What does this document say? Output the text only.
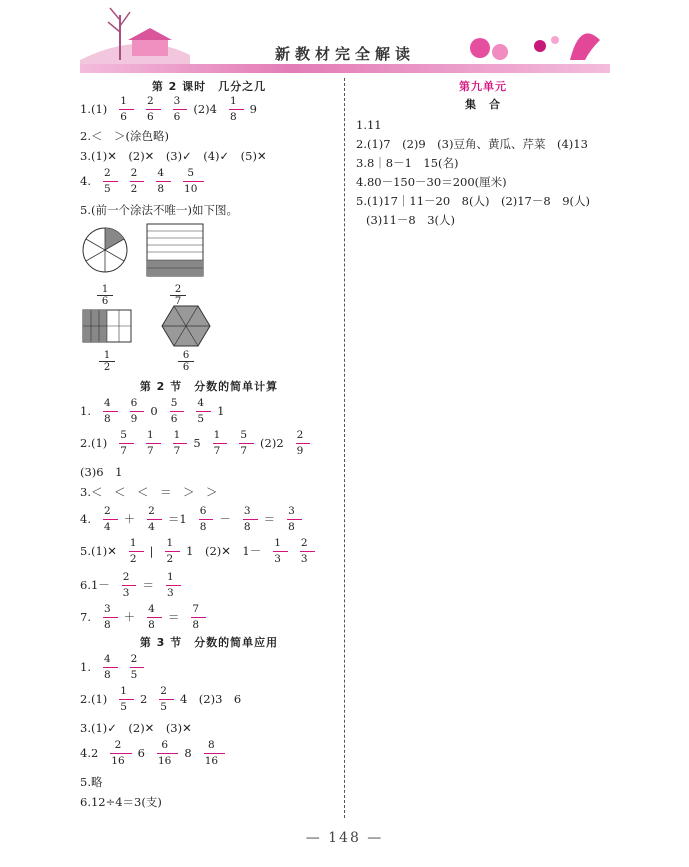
新教材完全解读
第 2 课时　几分之几
$1.(1) \frac{1}{6} \frac{2}{6} \frac{3}{6} (2)4 \frac{1}{8} 9$
2.＜　＞(涂色略)
3.(1)✕　(2)✕　(3)✓　(4)✓　(5)✕
4. $\frac{2}{5} \frac{2}{2} \frac{4}{8} \frac{5}{10}$
5.(前一个涂法不唯一)如下图。
1
6
2
7
1
2
6
6
第 2 节　分数的简单计算
1. $\frac{4}{8} \frac{6}{9} 0 \frac{5}{6} \frac{4}{5} 1$
$2.(1) \frac{5}{7} \frac{1}{7} \frac{1}{7} 5 \frac{1}{7} \frac{5}{7} (2)2 \frac{2}{9}$
(3)6　1
3.＜　＜　＜　＝　＞　＞
4. $\frac{2}{4} + \frac{2}{4} =1 \frac{6}{8} - \frac{3}{8} = \frac{3}{8}$
5.(1)✕ $\frac{1}{2}$ | $\frac{1}{2} 1$　(2)✕　$1- \frac{1}{3} \frac{2}{3}$
$6.1- \frac{2}{3} = \frac{1}{3}$
7. $\frac{3}{8} + \frac{4}{8} = \frac{7}{8}$
第 3 节　分数的简单应用
1. $\frac{4}{8} \frac{2}{5}$
$2.(1) \frac{1}{5} 2 \frac{2}{5} 4$　(2)3　6
3.(1)✓　(2)✕　(3)✕
$4.2 \frac{2}{16} 6 \frac{6}{16} 8 \frac{8}{16}$
5.略
6.12÷4＝3(支)
第九单元
集　合
1.11
2.(1)7　(2)9　(3)豆角、黄瓜、芹菜　(4)13
3.8｜8－1　15(名)
4.80－150－30＝200(厘米)
5.(1)17｜11－20　8(人)　(2)17－8　9(人)
(3)11－8　3(人)
— 148 —
